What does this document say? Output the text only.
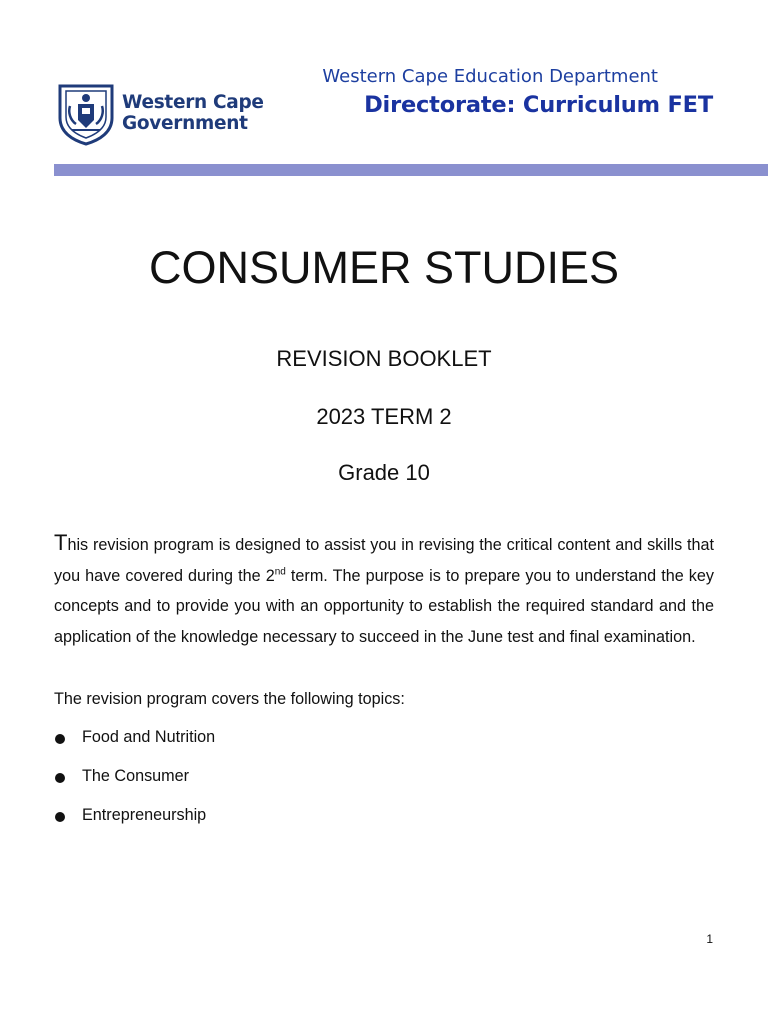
Western Cape
Government
Western Cape Education Department
Directorate: Curriculum FET
CONSUMER STUDIES
REVISION BOOKLET
2023 TERM 2
Grade 10
This revision program is designed to assist you in revising the critical content and skills that you have covered during the 2nd term. The purpose is to prepare you to understand the key concepts and to provide you with an opportunity to establish the required standard and the application of the knowledge necessary to succeed in the June test and final examination.
The revision program covers the following topics:
Food and Nutrition
The Consumer
Entrepreneurship
1
